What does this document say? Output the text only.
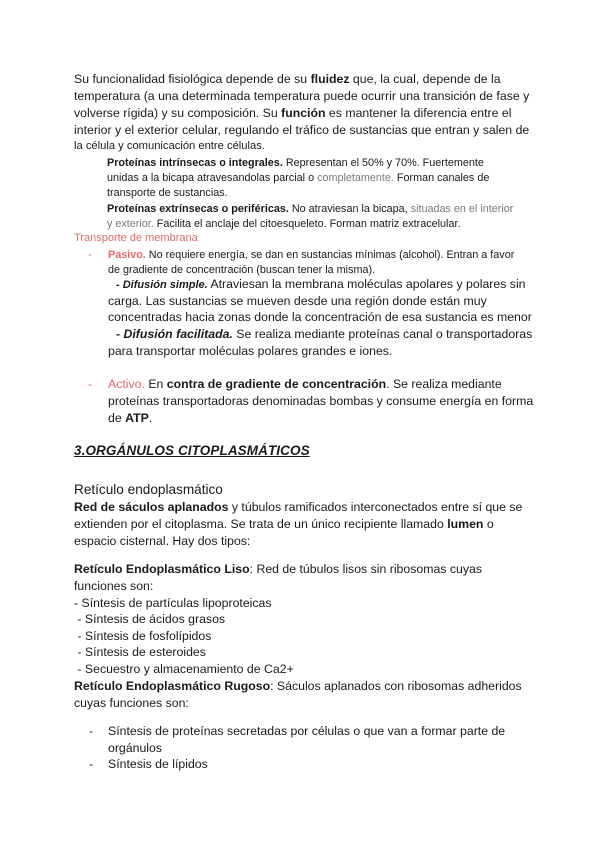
Su funcionalidad fisiológica depende de su fluidez que, la cual, depende de la
temperatura (a una determinada temperatura puede ocurrir una transición de fase y
volverse rígida) y su composición. Su función es mantener la diferencia entre el
interior y el exterior celular, regulando el tráfico de sustancias que entran y salen de
la célula y comunicación entre células.
Proteínas intrínsecas o integrales. Representan el 50% y 70%. Fuertemente
unidas a la bicapa atravesandolas parcial o completamente. Forman canales de
transporte de sustancias.
Proteínas extrínsecas o periféricas. No atraviesan la bicapa, situadas en el interior
y exterior. Facilita el anclaje del citoesqueleto. Forman matriz extracelular.
Transporte de membrana
- Pasivo. No requiere energía, se dan en sustancias mínimas (alcohol). Entran a favor
de gradiente de concentración (buscan tener la misma).
- Difusión simple. Atraviesan la membrana moléculas apolares y polares sin
carga. Las sustancias se mueven desde una región donde están muy
concentradas hacia zonas donde la concentración de esa sustancia es menor
- Difusión facilitada. Se realiza mediante proteínas canal o transportadoras
para transportar moléculas polares grandes e iones.
- Activo. En contra de gradiente de concentración. Se realiza mediante
proteínas transportadoras denominadas bombas y consume energía en forma
de ATP.
3.ORGÁNULOS CITOPLASMÁTICOS
Retículo endoplasmático
Red de sáculos aplanados y túbulos ramificados interconectados entre sí que se
extienden por el citoplasma. Se trata de un único recipiente llamado lumen o
espacio cisternal. Hay dos tipos:
Retículo Endoplasmático Liso: Red de túbulos lisos sin ribosomas cuyas
funciones son:
- Síntesis de partículas lipoproteicas
- Síntesis de ácidos grasos
- Síntesis de fosfolípidos
- Síntesis de esteroides
- Secuestro y almacenamiento de Ca2+
Retículo Endoplasmático Rugoso: Sáculos aplanados con ribosomas adheridos
cuyas funciones son:
- Síntesis de proteínas secretadas por células o que van a formar parte de
orgánulos
- Síntesis de lípidos
